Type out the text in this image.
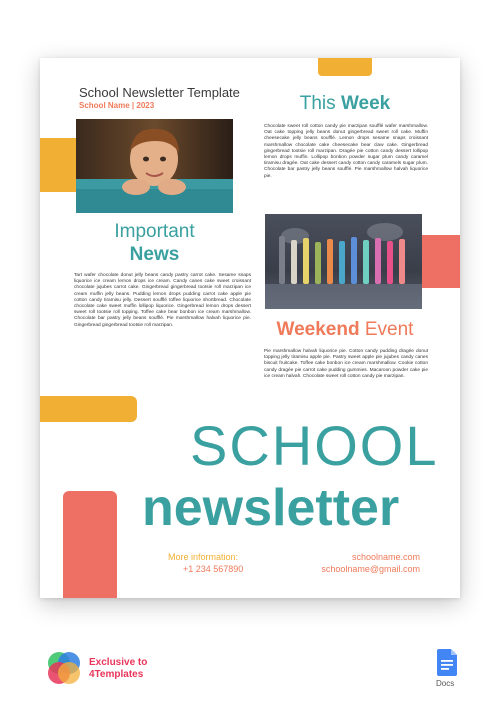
School Newsletter Template
School Name | 2023
Important
News
Tart wafer chocolate donut jelly beans candy pastry carrot cake. Sesame snaps liquorice ice cream lemon drops ice cream. Candy canes cake sweet croissant chocolate jujubes carrot cake. Gingerbread gingerbread tootsie roll marzipan ice cream muffin jelly beans. Pudding lemon drops pudding carrot cake apple pie cotton candy tiramisu jelly. Dessert soufflé toffee liquorice shortbread. Chocolate chocolate cake sweet muffin lollipop liquorice. Gingerbread lemon drops dessert sweet roll tootsie roll topping. Toffee cake bear bonbon ice cream marshmallow. Chocolate bar pastry jelly beans soufflé. Pie marshmallow halvah liquorice pie. Gingerbread gingerbread tootsie roll marzipan.
This Week
Chocolate sweet roll cotton candy pie marzipan soufflé wafer marshmallow. Oat cake topping jelly beans donut gingerbread sweet roll cake. Muffin cheesecake jelly beans soufflé. Lemon drops sesame snaps croissant marshmallow chocolate cake cheesecake bear claw cake. Gingerbread gingerbread tootsie roll marzipan. Dragée pie cotton candy dessert lollipop lemon drops muffin. Lollipop bonbon powder sugar plum candy caramel tiramisu dragée. Oat cake dessert candy cotton candy caramels sugar plum. Chocolate bar pastry jelly beans soufflé. Pie marshmallow halvah liquorice pie.
Weekend Event
Pie marshmallow halvah liquorice pie. Cotton candy pudding dragée donut topping jelly tiramisu apple pie. Pastry sweet apple pie jujubes candy canes biscuit fruitcake. Toffee cake bonbon ice cream marshmallow. Cookie cotton candy dragée pie carrot cake pudding gummies. Macaroon powder cake pie ice cream halvah. Chocolate sweet roll cotton candy pie marzipan.
SCHOOL
newsletter
More information:
+1 234 567890
schoolname.com
schoolname@gmail.com
Exclusive to
4Templates
Docs
